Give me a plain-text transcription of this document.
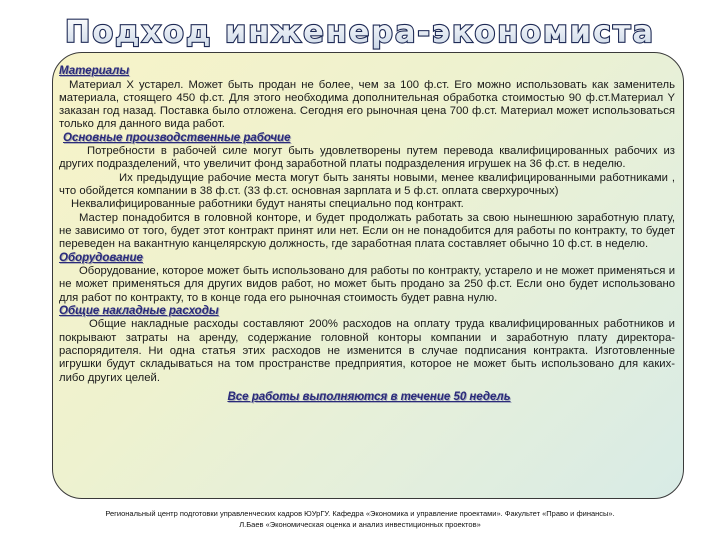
Подход инженера-экономиста
Материалы

Материал X устарел. Может быть продан не более, чем за 100 ф.ст. Его можно использовать как заменитель материала, стоящего 450 ф.ст. Для этого необходима дополнительная обработка стоимостью 90 ф.ст.Материал Y заказан год назад. Поставка было отложена. Сегодня его рыночная цена 700 ф.ст. Материал может использоваться только для данного вида работ.

Основные производственные рабочие

Потребности в рабочей силе могут быть удовлетворены путем перевода квалифицированных рабочих из других подразделений, что увеличит фонд заработной платы подразделения игрушек на 36 ф.ст. в неделю.

Их предыдущие рабочие места могут быть заняты новыми, менее квалифицированными работниками , что обойдется компании в 38 ф.ст. (33 ф.ст. основная зарплата и 5 ф.ст. оплата сверхурочных)

Неквалифицированные работники будут наняты специально под контракт.

Мастер понадобится в головной конторе, и будет продолжать работать за свою нынешнюю заработную плату, не зависимо от того, будет этот контракт принят или нет. Если он не понадобится для работы по контракту, то будет переведен на вакантную канцелярскую должность, где заработная плата составляет обычно 10 ф.ст. в неделю.

Оборудование

Оборудование, которое может быть использовано для работы по контракту, устарело и не может применяться и не может применяться для других видов работ, но может быть продано за 250 ф.ст. Если оно будет использовано для работ по контракту, то в конце года его рыночная стоимость будет равна нулю.

Общие накладные расходы

Общие накладные расходы составляют 200% расходов на оплату труда квалифицированных работников и покрывают затраты на аренду, содержание головной конторы компании и заработную плату директора-распорядителя. Ни одна статья этих расходов не изменится в случае подписания контракта. Изготовленные игрушки будут складываться на том пространстве предприятия, которое не может быть использовано для каких-либо других целей.

Все работы выполняются в течение 50 недель
Региональный центр подготовки управленческих кадров ЮУрГУ. Кафедра «Экономика и управление проектами». Факультет «Право и финансы».
Л.Баев «Экономическая оценка и анализ инвестиционных проектов»
